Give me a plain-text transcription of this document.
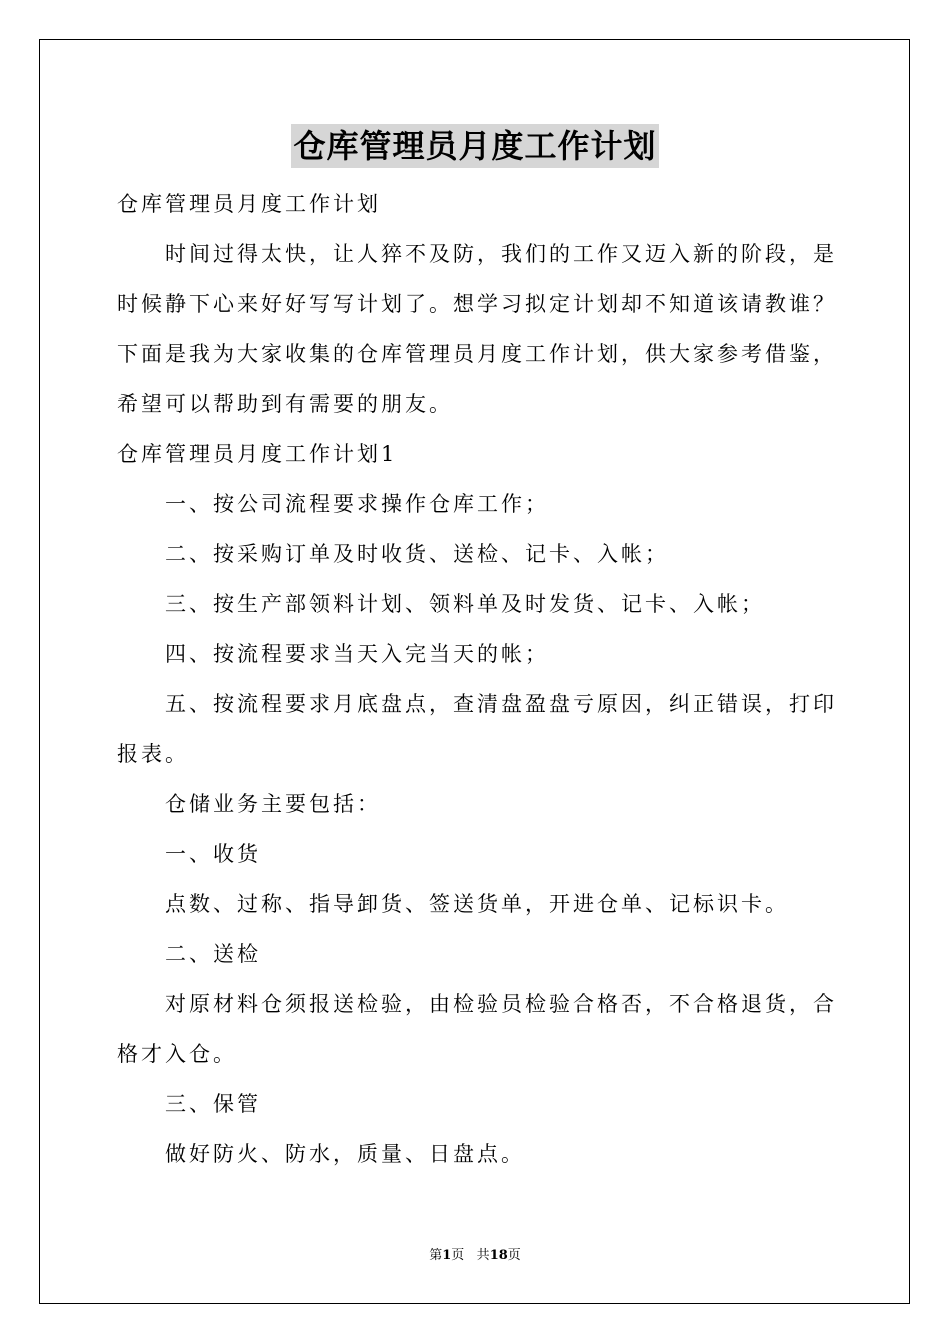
仓库管理员月度工作计划

仓库管理员月度工作计划

时间过得太快，让人猝不及防，我们的工作又迈入新的阶段，是时候静下心来好好写写计划了。想学习拟定计划却不知道该请教谁？下面是我为大家收集的仓库管理员月度工作计划，供大家参考借鉴，希望可以帮助到有需要的朋友。

仓库管理员月度工作计划1

一、按公司流程要求操作仓库工作；

二、按采购订单及时收货、送检、记卡、入帐；

三、按生产部领料计划、领料单及时发货、记卡、入帐；

四、按流程要求当天入完当天的帐；

五、按流程要求月底盘点，查清盘盈盘亏原因，纠正错误，打印报表。

仓储业务主要包括：

一、收货

点数、过称、指导卸货、签送货单，开进仓单、记标识卡。

二、送检

对原材料仓须报送检验，由检验员检验合格否，不合格退货，合格才入仓。

三、保管

做好防火、防水，质量、日盘点。

第1页 共18页
